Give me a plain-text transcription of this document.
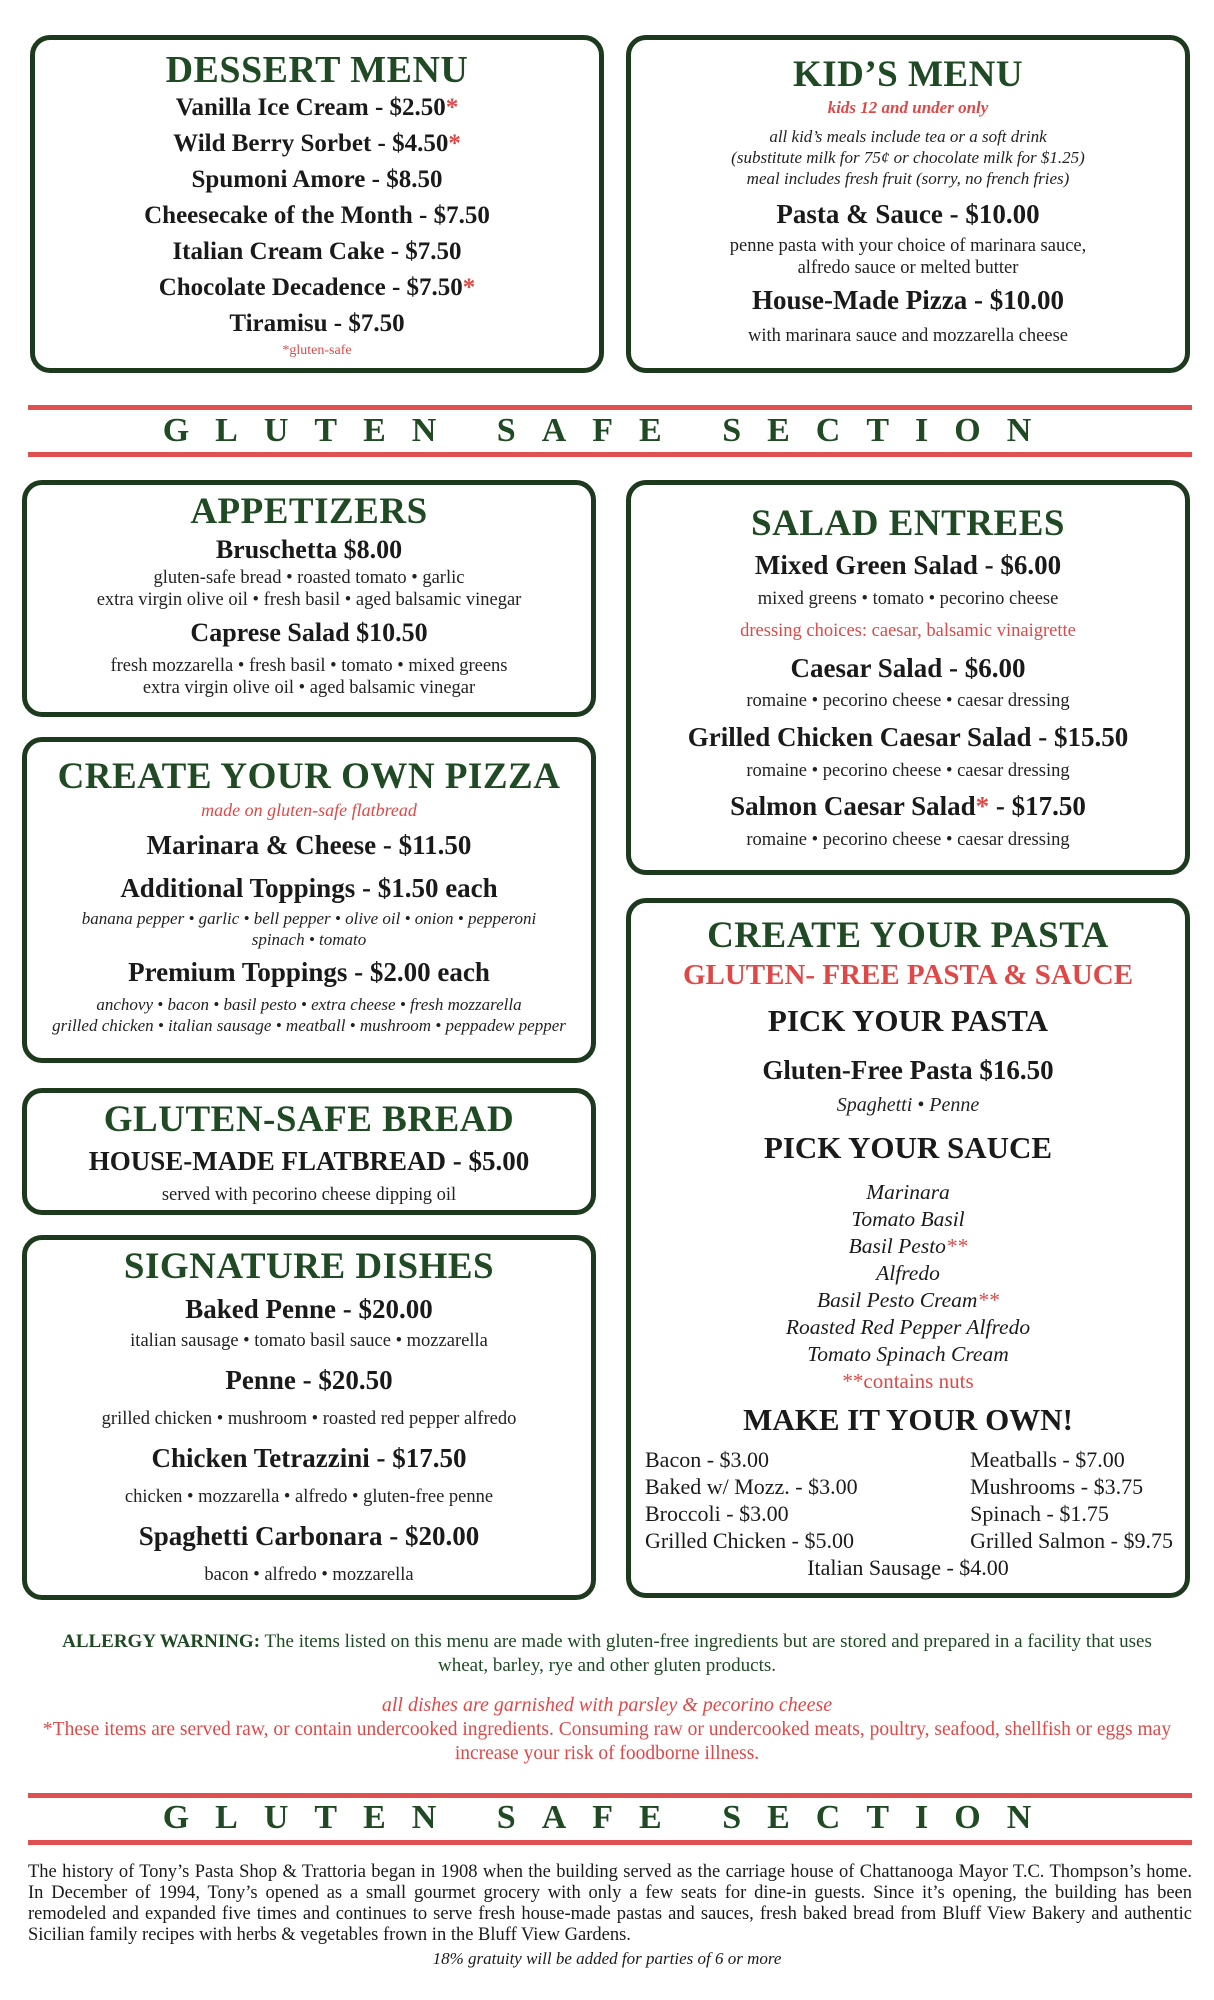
DESSERT MENU
Vanilla Ice Cream - $2.50*
Wild Berry Sorbet - $4.50*
Spumoni Amore - $8.50
Cheesecake of the Month - $7.50
Italian Cream Cake - $7.50
Chocolate Decadence - $7.50*
Tiramisu - $7.50
*gluten-safe
KID’S MENU
kids 12 and under only
all kid’s meals include tea or a soft drink
(substitute milk for 75¢ or chocolate milk for $1.25)
meal includes fresh fruit (sorry, no french fries)
Pasta & Sauce - $10.00
penne pasta with your choice of marinara sauce,
alfredo sauce or melted butter
House-Made Pizza - $10.00
with marinara sauce and mozzarella cheese
GLUTEN SAFE SECTION
APPETIZERS
Bruschetta $8.00
gluten-safe bread • roasted tomato • garlic
extra virgin olive oil • fresh basil • aged balsamic vinegar
Caprese Salad $10.50
fresh mozzarella • fresh basil • tomato • mixed greens
extra virgin olive oil • aged balsamic vinegar
CREATE YOUR OWN PIZZA
made on gluten-safe flatbread
Marinara & Cheese - $11.50
Additional Toppings - $1.50 each
banana pepper • garlic • bell pepper • olive oil • onion • pepperoni
spinach • tomato
Premium Toppings - $2.00 each
anchovy • bacon • basil pesto • extra cheese • fresh mozzarella
grilled chicken • italian sausage • meatball • mushroom • peppadew pepper
GLUTEN-SAFE BREAD
HOUSE-MADE FLATBREAD - $5.00
served with pecorino cheese dipping oil
SIGNATURE DISHES
Baked Penne - $20.00
italian sausage • tomato basil sauce • mozzarella
Penne - $20.50
grilled chicken • mushroom • roasted red pepper alfredo
Chicken Tetrazzini - $17.50
chicken • mozzarella • alfredo • gluten-free penne
Spaghetti Carbonara - $20.00
bacon • alfredo • mozzarella
SALAD ENTREES
Mixed Green Salad - $6.00
mixed greens • tomato • pecorino cheese
dressing choices: caesar, balsamic vinaigrette
Caesar Salad - $6.00
romaine • pecorino cheese • caesar dressing
Grilled Chicken Caesar Salad - $15.50
romaine • pecorino cheese • caesar dressing
Salmon Caesar Salad* - $17.50
romaine • pecorino cheese • caesar dressing
CREATE YOUR PASTA
GLUTEN- FREE PASTA & SAUCE
PICK YOUR PASTA
Gluten-Free Pasta $16.50
Spaghetti • Penne
PICK YOUR SAUCE
Marinara
Tomato Basil
Basil Pesto**
Alfredo
Basil Pesto Cream**
Roasted Red Pepper Alfredo
Tomato Spinach Cream
**contains nuts
MAKE IT YOUR OWN!
Bacon - $3.00
Baked w/ Mozz. - $3.00
Broccoli - $3.00
Grilled Chicken - $5.00
Meatballs - $7.00
Mushrooms - $3.75
Spinach - $1.75
Grilled Salmon - $9.75
Italian Sausage - $4.00
ALLERGY WARNING: The items listed on this menu are made with gluten-free ingredients but are stored and prepared in a facility that uses wheat, barley, rye and other gluten products.
all dishes are garnished with parsley & pecorino cheese
*These items are served raw, or contain undercooked ingredients. Consuming raw or undercooked meats, poultry, seafood, shellfish or eggs may increase your risk of foodborne illness.
GLUTEN SAFE SECTION
The history of Tony’s Pasta Shop & Trattoria began in 1908 when the building served as the carriage house of Chattanooga Mayor T.C. Thompson’s home. In December of 1994, Tony’s opened as a small gourmet grocery with only a few seats for dine-in guests. Since it’s opening, the building has been remodeled and expanded five times and continues to serve fresh house-made pastas and sauces, fresh baked bread from Bluff View Bakery and authentic Sicilian family recipes with herbs & vegetables frown in the Bluff View Gardens.
18% gratuity will be added for parties of 6 or more
